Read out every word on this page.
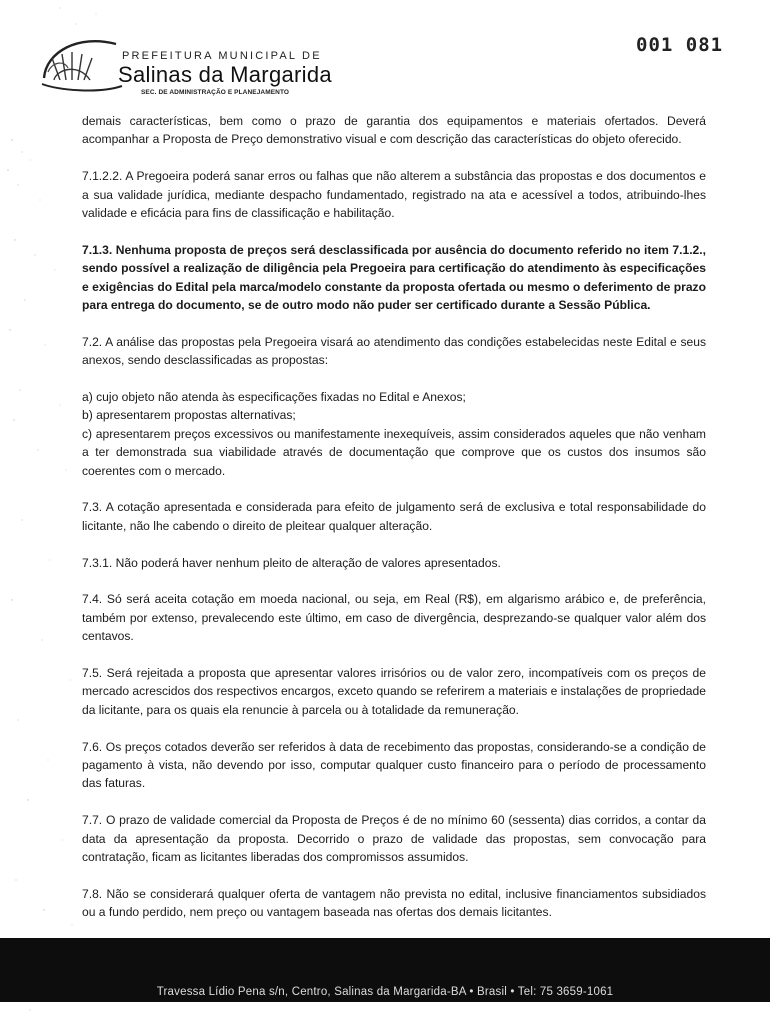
PREFEITURA MUNICIPAL DE
Salinas da Margarida
SEC. DE ADMINISTRAÇÃO E PLANEJAMENTO
001 081

demais características, bem como o prazo de garantia dos equipamentos e materiais ofertados. Deverá acompanhar a Proposta de Preço demonstrativo visual e com descrição das características do objeto oferecido.

7.1.2.2. A Pregoeira poderá sanar erros ou falhas que não alterem a substância das propostas e dos documentos e a sua validade jurídica, mediante despacho fundamentado, registrado na ata e acessível a todos, atribuindo-lhes validade e eficácia para fins de classificação e habilitação.

7.1.3. Nenhuma proposta de preços será desclassificada por ausência do documento referido no item 7.1.2., sendo possível a realização de diligência pela Pregoeira para certificação do atendimento às especificações e exigências do Edital pela marca/modelo constante da proposta ofertada ou mesmo o deferimento de prazo para entrega do documento, se de outro modo não puder ser certificado durante a Sessão Pública.

7.2. A análise das propostas pela Pregoeira visará ao atendimento das condições estabelecidas neste Edital e seus anexos, sendo desclassificadas as propostas:

a) cujo objeto não atenda às especificações fixadas no Edital e Anexos;

b) apresentarem propostas alternativas;

c) apresentarem preços excessivos ou manifestamente inexequíveis, assim considerados aqueles que não venham a ter demonstrada sua viabilidade através de documentação que comprove que os custos dos insumos são coerentes com o mercado.

7.3. A cotação apresentada e considerada para efeito de julgamento será de exclusiva e total responsabilidade do licitante, não lhe cabendo o direito de pleitear qualquer alteração.

7.3.1. Não poderá haver nenhum pleito de alteração de valores apresentados.

7.4. Só será aceita cotação em moeda nacional, ou seja, em Real (R$), em algarismo arábico e, de preferência, também por extenso, prevalecendo este último, em caso de divergência, desprezando-se qualquer valor além dos centavos.

7.5. Será rejeitada a proposta que apresentar valores irrisórios ou de valor zero, incompatíveis com os preços de mercado acrescidos dos respectivos encargos, exceto quando se referirem a materiais e instalações de propriedade da licitante, para os quais ela renuncie à parcela ou à totalidade da remuneração.

7.6. Os preços cotados deverão ser referidos à data de recebimento das propostas, considerando-se a condição de pagamento à vista, não devendo por isso, computar qualquer custo financeiro para o período de processamento das faturas.

7.7. O prazo de validade comercial da Proposta de Preços é de no mínimo 60 (sessenta) dias corridos, a contar da data da apresentação da proposta. Decorrido o prazo de validade das propostas, sem convocação para contratação, ficam as licitantes liberadas dos compromissos assumidos.

7.8. Não se considerará qualquer oferta de vantagem não prevista no edital, inclusive financiamentos subsidiados ou a fundo perdido, nem preço ou vantagem baseada nas ofertas dos demais licitantes.

Travessa Lídio Pena s/n, Centro, Salinas da Margarida-BA • Brasil • Tel: 75 3659-1061
